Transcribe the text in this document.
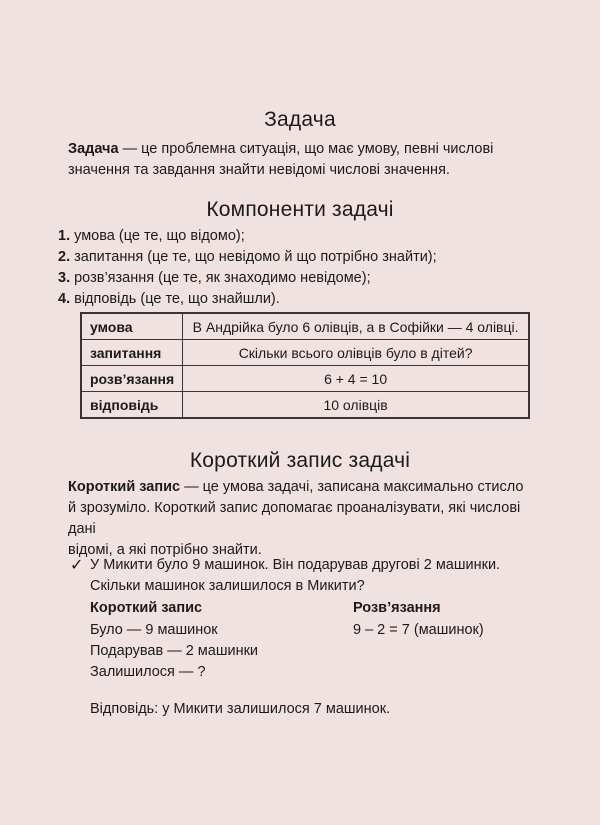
Задача

Задача — це проблемна ситуація, що має умову, певні числові
значення та завдання знайти невідомі числові значення.

Компоненти задачі
1. умова (це те, що відомо);
2. запитання (це те, що невідомо й що потрібно знайти);
3. розв’язання (це те, як знаходимо невідоме);
4. відповідь (це те, що знайшли).
умова	В Андрійка було 6 олівців, а в Софійки — 4 олівці.
запитання	Скільки всього олівців було в дітей?
розв’язання	6 + 4 = 10
відповідь	10 олівців
Короткий запис задачі

Короткий запис — це умова задачі, записана максимально стисло
й зрозуміло. Короткий запис допомагає проаналізувати, які числові дані
відомі, а які потрібно знайти.

✓ У Микити було 9 машинок. Він подарував другові 2 машинки.
Скільки машинок залишилося в Микити?

Короткий запис
Було — 9 машинок
Подарував — 2 машинки
Залишилося — ?
Розв’язання
9 – 2 = 7 (машинок)
Відповідь: у Микити залишилося 7 машинок.
